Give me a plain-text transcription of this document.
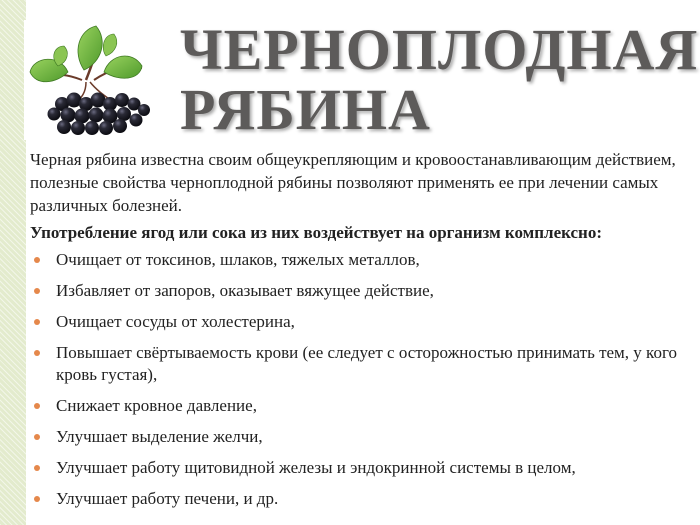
ЧЕРНОПЛОДНАЯ
РЯБИНА

Черная рябина известна своим общеукрепляющим и кровоостанавливающим действием, полезные свойства черноплодной рябины позволяют применять ее при лечении самых различных болезней.

Употребление ягод или сока из них воздействует на организм комплексно:

Очищает от токсинов, шлаков, тяжелых металлов,
Избавляет от запоров, оказывает вяжущее действие,
Очищает сосуды от холестерина,
Повышает свёртываемость крови (ее следует с осторожностью принимать тем, у кого кровь густая),
Снижает кровное давление,
Улучшает выделение желчи,
Улучшает работу щитовидной железы и эндокринной системы в целом,
Улучшает работу печени, и др.
